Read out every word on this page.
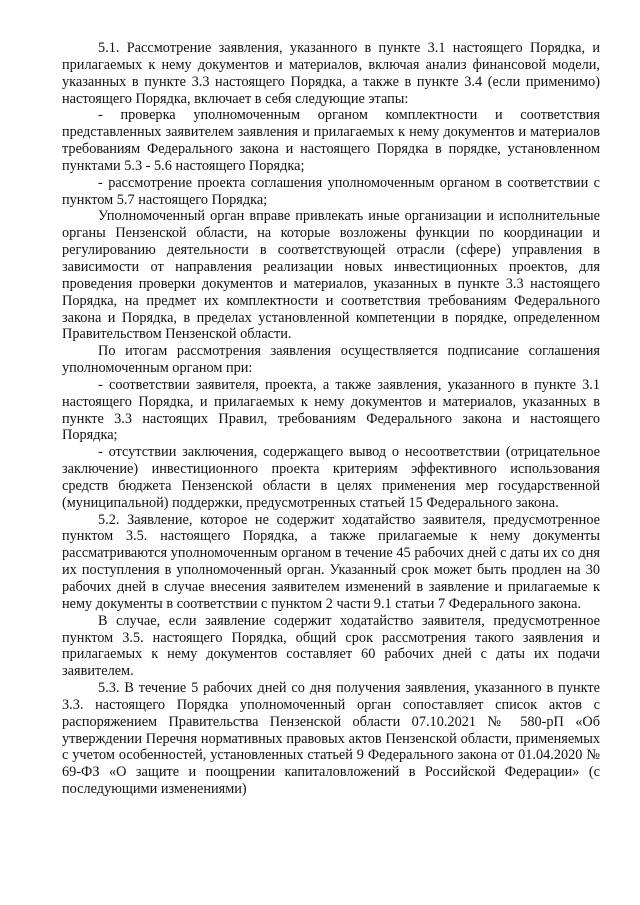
5.1. Рассмотрение заявления, указанного в пункте 3.1 настоящего Порядка, и прилагаемых к нему документов и материалов, включая анализ финансовой модели, указанных в пункте 3.3 настоящего Порядка, а также в пункте 3.4 (если применимо) настоящего Порядка, включает в себя следующие этапы:

- проверка уполномоченным органом комплектности и соответствия представленных заявителем заявления и прилагаемых к нему документов и материалов требованиям Федерального закона и настоящего Порядка в порядке, установленном пунктами 5.3 - 5.6 настоящего Порядка;

- рассмотрение проекта соглашения уполномоченным органом в соответствии с пунктом 5.7 настоящего Порядка;

Уполномоченный орган вправе привлекать иные организации и исполнительные органы Пензенской области, на которые возложены функции по координации и регулированию деятельности в соответствующей отрасли (сфере) управления в зависимости от направления реализации новых инвестиционных проектов, для проведения проверки документов и материалов, указанных в пункте 3.3 настоящего Порядка, на предмет их комплектности и соответствия требованиям Федерального закона и Порядка, в пределах установленной компетенции в порядке, определенном Правительством Пензенской области.

По итогам рассмотрения заявления осуществляется подписание соглашения уполномоченным органом при:

- соответствии заявителя, проекта, а также заявления, указанного в пункте 3.1 настоящего Порядка, и прилагаемых к нему документов и материалов, указанных в пункте 3.3 настоящих Правил, требованиям Федерального закона и настоящего Порядка;

- отсутствии заключения, содержащего вывод о несоответствии (отрицательное заключение) инвестиционного проекта критериям эффективного использования средств бюджета Пензенской области в целях применения мер государственной (муниципальной) поддержки, предусмотренных статьей 15 Федерального закона.

5.2. Заявление, которое не содержит ходатайство заявителя, предусмотренное пунктом 3.5. настоящего Порядка, а также прилагаемые к нему документы рассматриваются уполномоченным органом в течение 45 рабочих дней с даты их со дня их поступления в уполномоченный орган. Указанный срок может быть продлен на 30 рабочих дней в случае внесения заявителем изменений в заявление и прилагаемые к нему документы в соответствии с пунктом 2 части 9.1 статьи 7 Федерального закона.

В случае, если заявление содержит ходатайство заявителя, предусмотренное пунктом 3.5. настоящего Порядка, общий срок рассмотрения такого заявления и прилагаемых к нему документов составляет 60 рабочих дней с даты их подачи заявителем.

5.3. В течение 5 рабочих дней со дня получения заявления, указанного в пункте 3.3. настоящего Порядка уполномоченный орган сопоставляет список актов с распоряжением Правительства Пензенской области 07.10.2021 № 580-рП «Об утверждении Перечня нормативных правовых актов Пензенской области, применяемых с учетом особенностей, установленных статьей 9 Федерального закона от 01.04.2020 № 69-ФЗ «О защите и поощрении капиталовложений в Российской Федерации» (с последующими изменениями)
